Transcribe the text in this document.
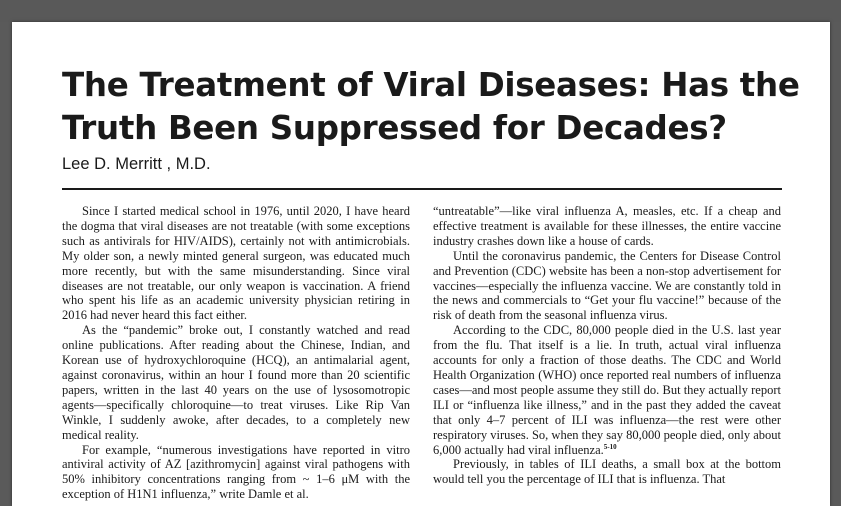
The Treatment of Viral Diseases: Has the Truth Been Suppressed for Decades?
Lee D. Merritt , M.D.

Since I started medical school in 1976, until 2020, I have heard the dogma that viral diseases are not treatable (with some exceptions such as antivirals for HIV/AIDS), certainly not with antimicrobials. My older son, a newly minted general surgeon, was educated much more recently, but with the same misunderstanding. Since viral diseases are not treatable, our only weapon is vaccination. A friend who spent his life as an academic university physician retiring in 2016 had never heard this fact either.

As the “pandemic” broke out, I constantly watched and read online publications. After reading about the Chinese, Indian, and Korean use of hydroxychloroquine (HCQ), an antimalarial agent, against coronavirus, within an hour I found more than 20 scientific papers, written in the last 40 years on the use of lysosomotropic agents—specifically chloroquine—to treat viruses. Like Rip Van Winkle, I suddenly awoke, after decades, to a completely new medical reality.

For example, “numerous investigations have reported in vitro antiviral activity of AZ [azithromycin] against viral pathogens with 50% inhibitory concentrations ranging from ~ 1–6 μM with the exception of H1N1 influenza,” write Damle et al.

“untreatable”—like viral influenza A, measles, etc. If a cheap and effective treatment is available for these illnesses, the entire vaccine industry crashes down like a house of cards.

Until the coronavirus pandemic, the Centers for Disease Control and Prevention (CDC) website has been a non-stop advertisement for vaccines—especially the influenza vaccine. We are constantly told in the news and commercials to “Get your flu vaccine!” because of the risk of death from the seasonal influenza virus.

According to the CDC, 80,000 people died in the U.S. last year from the flu. That itself is a lie. In truth, actual viral influenza accounts for only a fraction of those deaths. The CDC and World Health Organization (WHO) once reported real numbers of influenza cases—and most people assume they still do. But they actually report ILI or “influenza like illness,” and in the past they added the caveat that only 4–7 percent of ILI was influenza—the rest were other respiratory viruses. So, when they say 80,000 people died, only about 6,000 actually had viral influenza.$^{5-10}$

Previously, in tables of ILI deaths, a small box at the bottom would tell you the percentage of ILI that is influenza. That
